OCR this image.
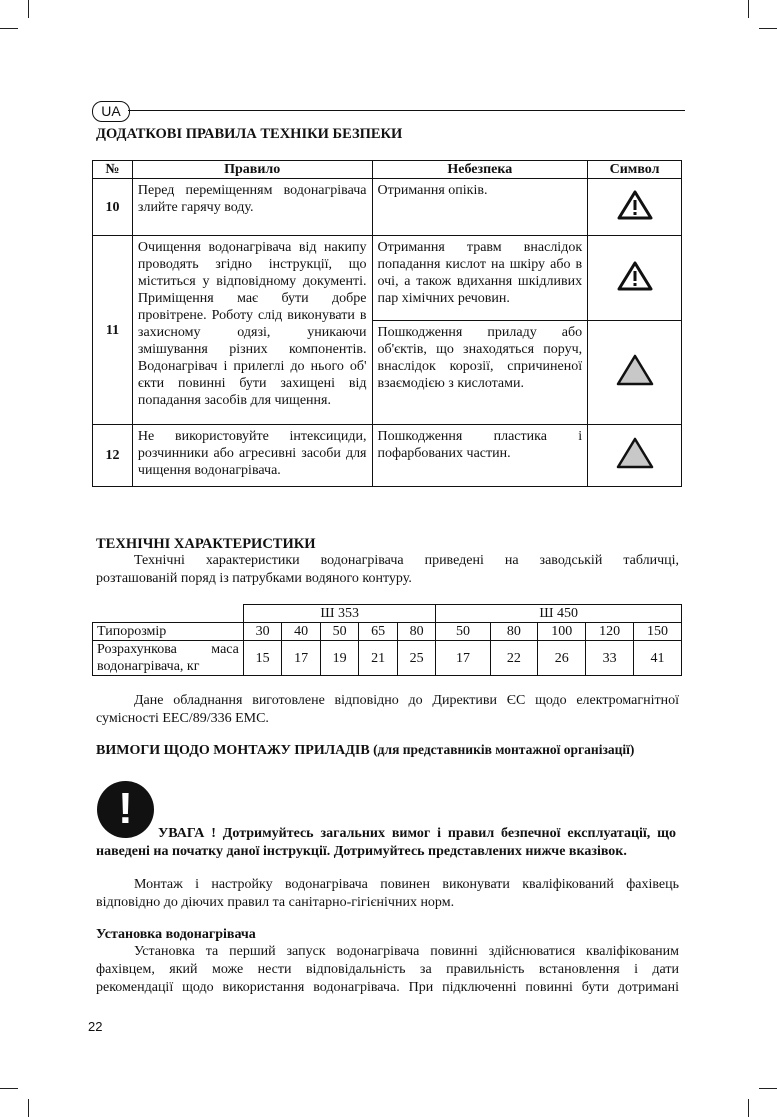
UA
ДОДАТКОВІ ПРАВИЛА ТЕХНІКИ БЕЗПЕКИ
№	Правило	Небезпека	Символ
10	Перед переміщенням водонагрівача злийте гарячу воду.	Отримання опіків.

11	Очищення водонагрівача від накипу проводять згідно інструкції, що міститься у відповідному документі. Приміщення має бути добре провітрене. Роботу слід виконувати в захисному одязі, уникаючи змішування різних компонентів. Водонагрівач і прилеглі до нього об' єкти повинні бути захищені від попадання засобів для чищення.	Отримання травм внаслідок попадання кислот на шкіру або в очі, а також вдихання шкідливих пар хімічних речовин.

		Пошкодження приладу або об'єктів, що знаходяться поруч, внаслідок корозії, спричиненої взаємодією з кислотами.

12	Не використовуйте інтексициди, розчинники або агресивні засоби для чищення водонагрівача.	Пошкодження пластика і пофарбованих частин.

ТЕХНІЧНІ ХАРАКТЕРИСТИКИ
Технічні характеристики водонагрівача приведені на заводській табличці,
розташованій поряд із патрубками водяного контуру.
	Ш 353					Ш 450				
Типорозмір	30	40	50	65	80	50	80	100	120	150

Розрахункова маса
водонагрівача, кг	15	17	19	21	25	17	22	26	33	41
Дане обладнання виготовлене відповідно до Директиви ЄС щодо електромагнітної
сумісності ЕЕС/89/336 ЕМС.
ВИМОГИ ЩОДО МОНТАЖУ ПРИЛАДІВ (для представників монтажної організації)
!
УВАГА ! Дотримуйтесь загальних вимог і правил безпечної експлуатації, що
наведені на початку даної інструкції. Дотримуйтесь представлених нижче вказівок.
Монтаж і настройку водонагрівача повинен виконувати кваліфікований фахівець
відповідно до діючих правил та санітарно-гігієнічних норм.
Установка водонагрівача
Установка та перший запуск водонагрівача повинні здійснюватися кваліфікованим
фахівцем, який може нести відповідальність за правильність встановлення і дати
рекомендації щодо використання водонагрівача. При підключенні повинні бути дотримані
22
